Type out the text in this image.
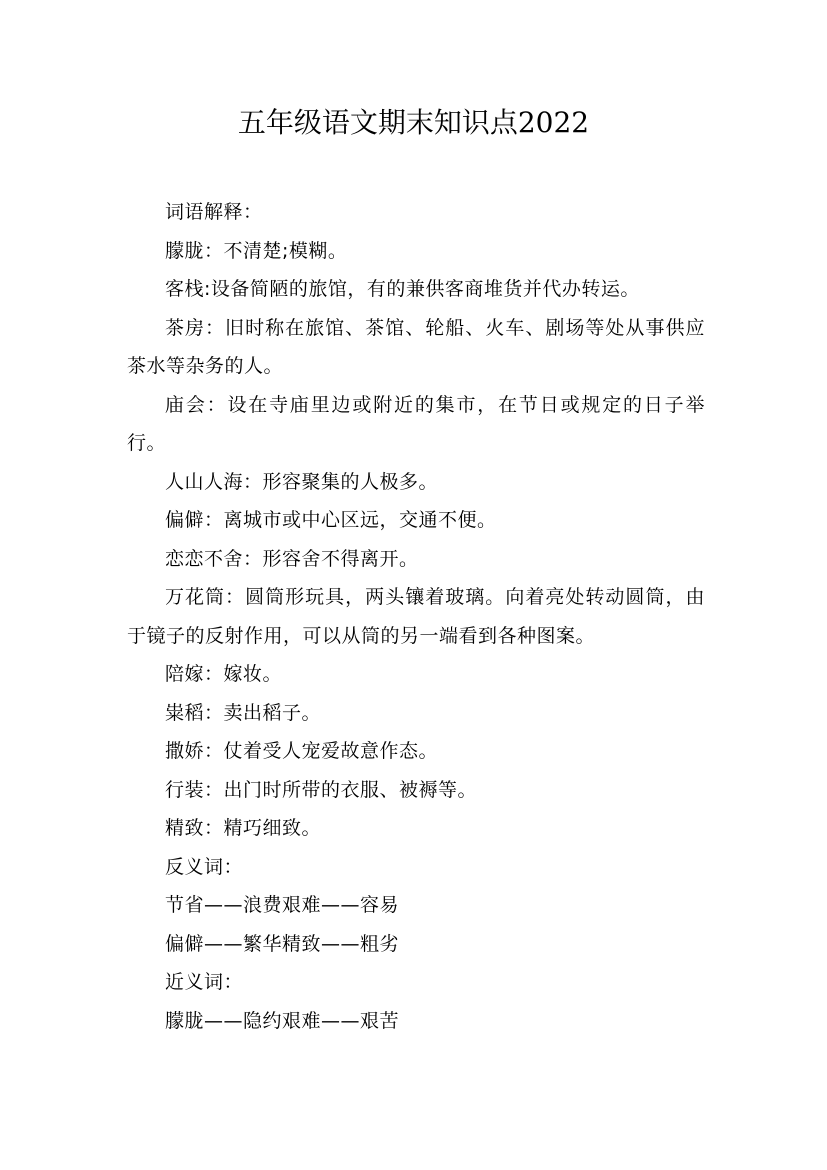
五年级语文期末知识点2022

词语解释：

朦胧：不清楚;模糊。

客栈:设备简陋的旅馆，有的兼供客商堆货并代办转运。

茶房：旧时称在旅馆、茶馆、轮船、火车、剧场等处从事供应茶水等杂务的人。

庙会：设在寺庙里边或附近的集市，在节日或规定的日子举行。

人山人海：形容聚集的人极多。

偏僻：离城市或中心区远，交通不便。

恋恋不舍：形容舍不得离开。

万花筒：圆筒形玩具，两头镶着玻璃。向着亮处转动圆筒，由于镜子的反射作用，可以从筒的另一端看到各种图案。

陪嫁：嫁妆。

粜稻：卖出稻子。

撒娇：仗着受人宠爱故意作态。

行装：出门时所带的衣服、被褥等。

精致：精巧细致。

反义词：

节省——浪费艰难——容易

偏僻——繁华精致——粗劣

近义词：

朦胧——隐约艰难——艰苦
